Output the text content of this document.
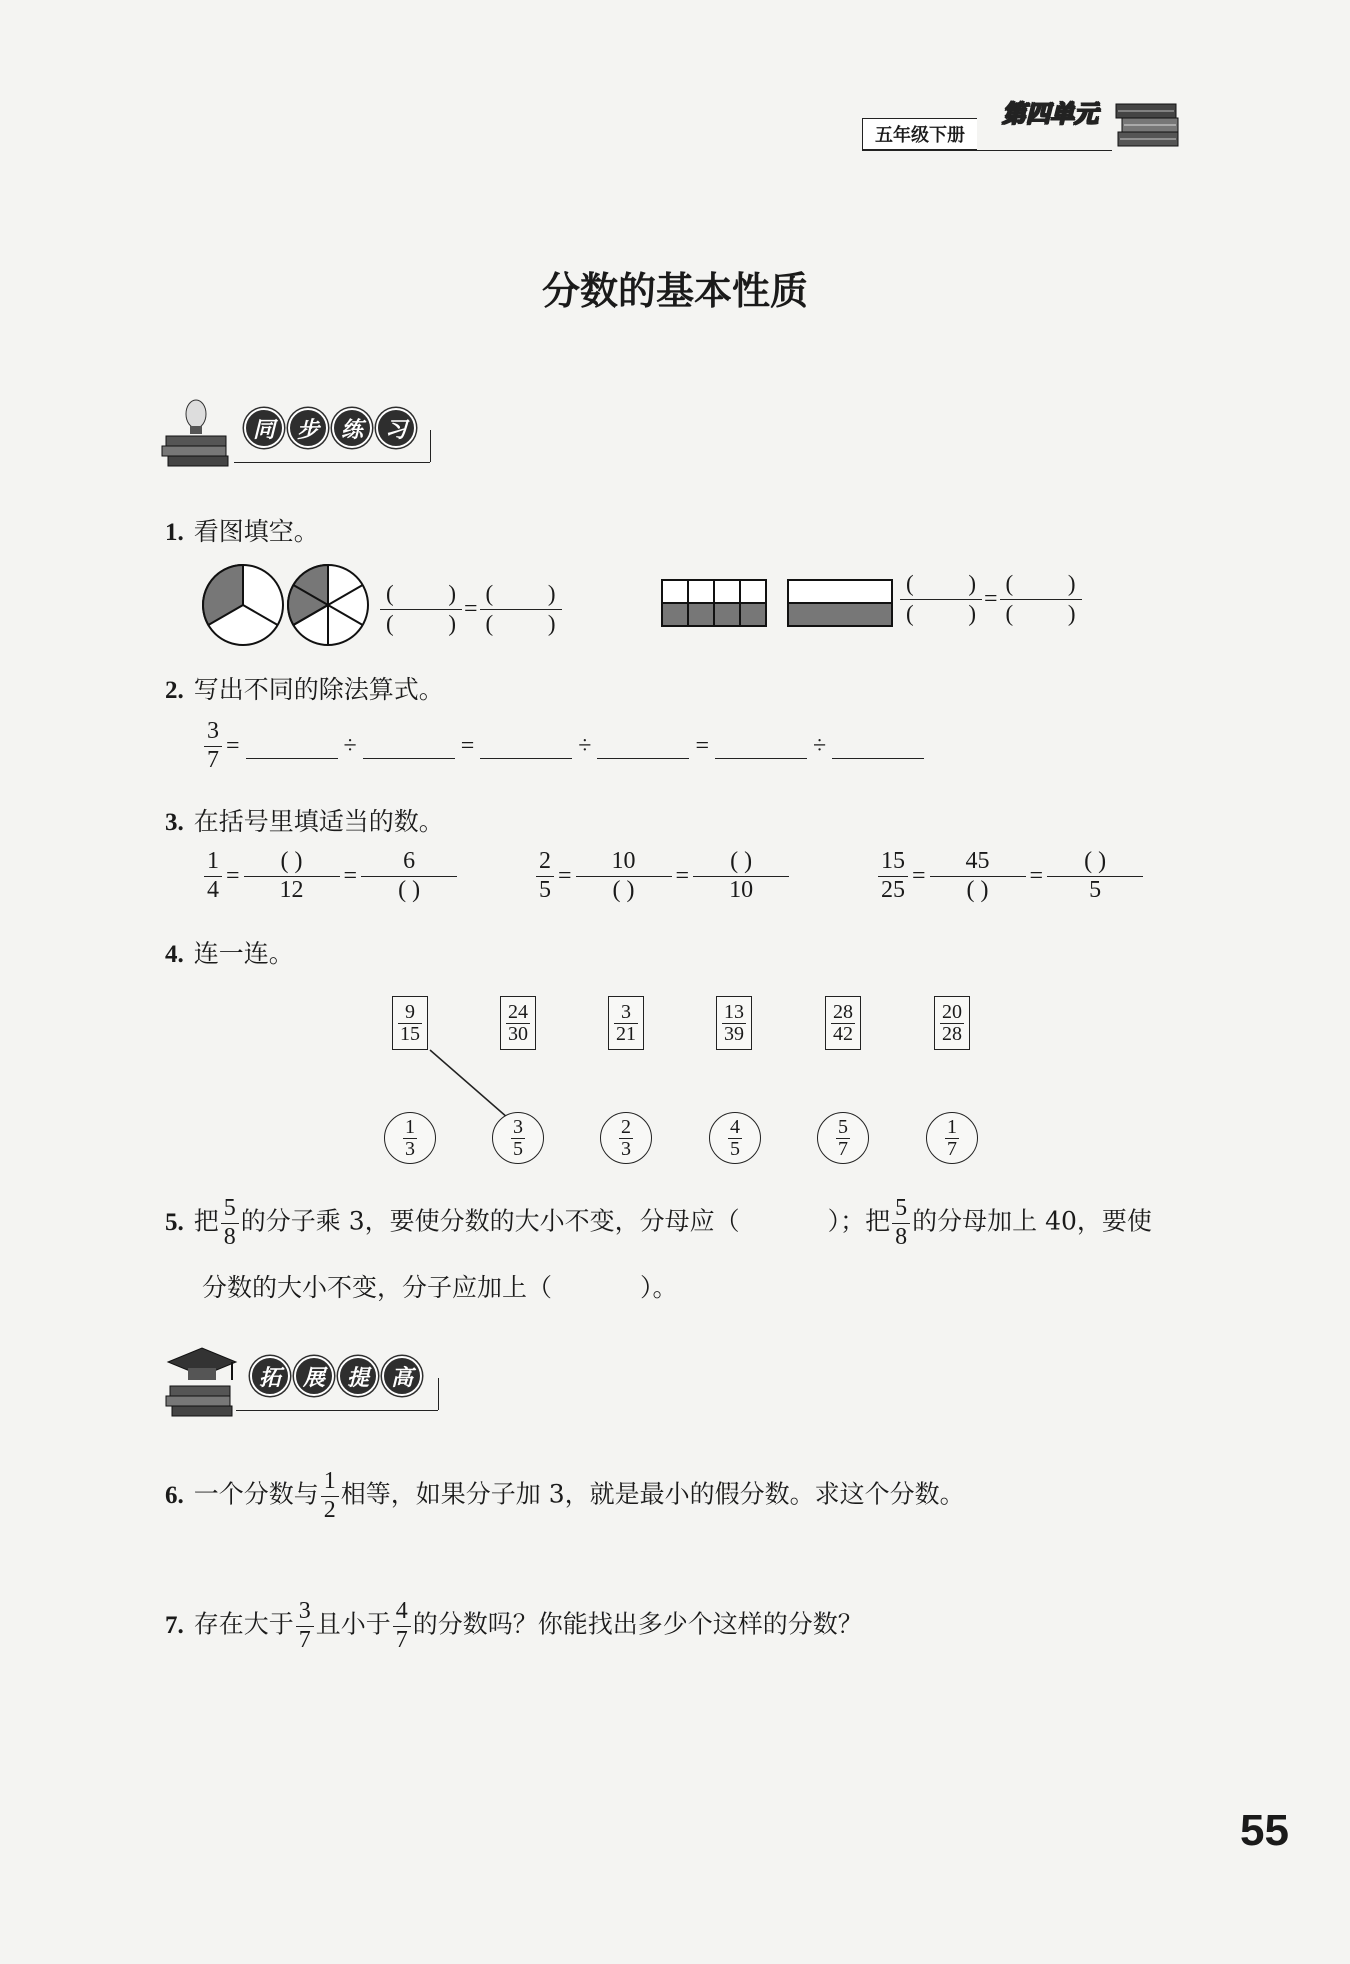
第四单元
五年级下册
分数的基本性质
同 步 练 习
1. 看图填空。
( )
( )
=
( )
( )
( )
( )
=
( )
( )
2. 写出不同的除法算式。
$\frac{3}{7}$ =	÷	=	÷	=	÷
3. 在括号里填适当的数。
$\frac{1}{4} = \frac{( )}{12} = \frac{6}{( )}$	$\frac{2}{5} = \frac{10}{( )} = \frac{( )}{10}$	$\frac{15}{25} = \frac{45}{( )} = \frac{( )}{5}$
4. 连一连。
$\frac{9}{15}$	$\frac{24}{30}$	$\frac{3}{21}$	$\frac{13}{39}$	$\frac{28}{42}$	$\frac{20}{28}$
$\frac{1}{3}$	$\frac{3}{5}$	$\frac{2}{3}$	$\frac{4}{5}$	$\frac{5}{7}$	$\frac{1}{7}$
5. 把 $\frac{5}{8}$ 的分子乘 3，要使分数的大小不变，分母应（	）；把 $\frac{5}{8}$ 的分母加上 40，要使
分数的大小不变，分子应加上（	）。
拓 展 提 高
6. 一个分数与 $\frac{1}{2}$ 相等，如果分子加 3，就是最小的假分数。求这个分数。
7. 存在大于 $\frac{3}{7}$ 且小于 $\frac{4}{7}$ 的分数吗？你能找出多少个这样的分数？
55
